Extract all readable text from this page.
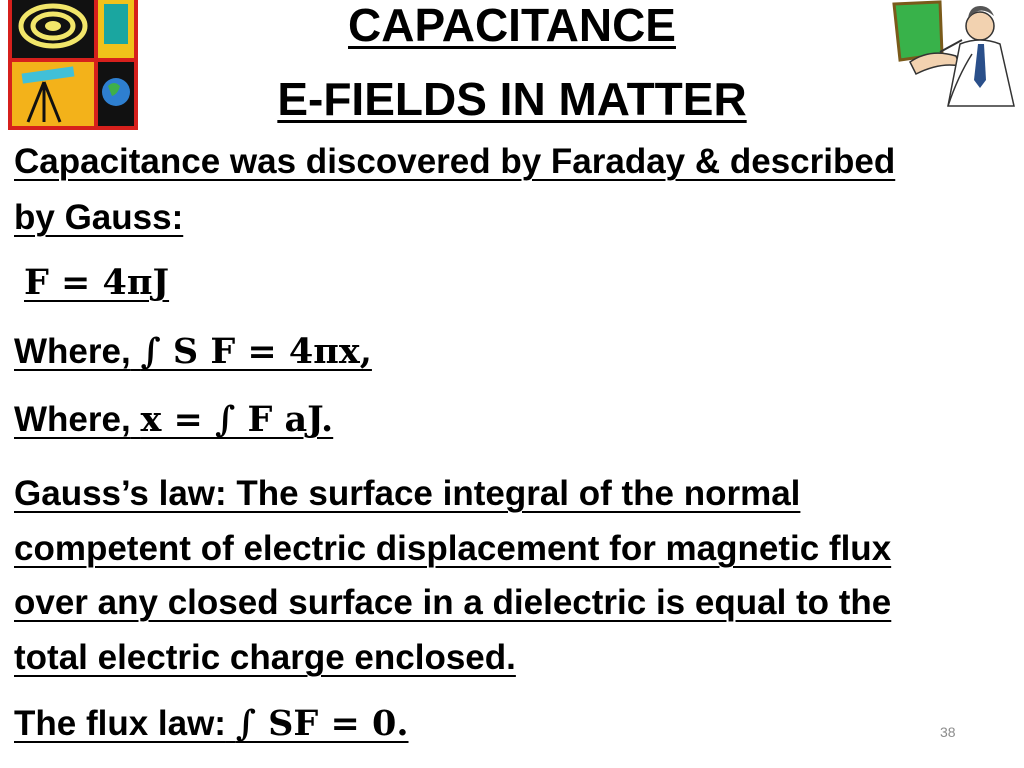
CAPACITANCE
E-FIELDS IN MATTER

Capacitance was discovered by Faraday & described

by Gauss:

F = 4πJ

Where, ∫ S F = 4πx,

Where, x = ∫ F aJ.

Gauss’s law: The surface integral of the normal

competent of electric displacement for magnetic flux

over any closed surface in a dielectric is equal to the

total electric charge enclosed.

The flux law: ∫ SF = 0.	38
